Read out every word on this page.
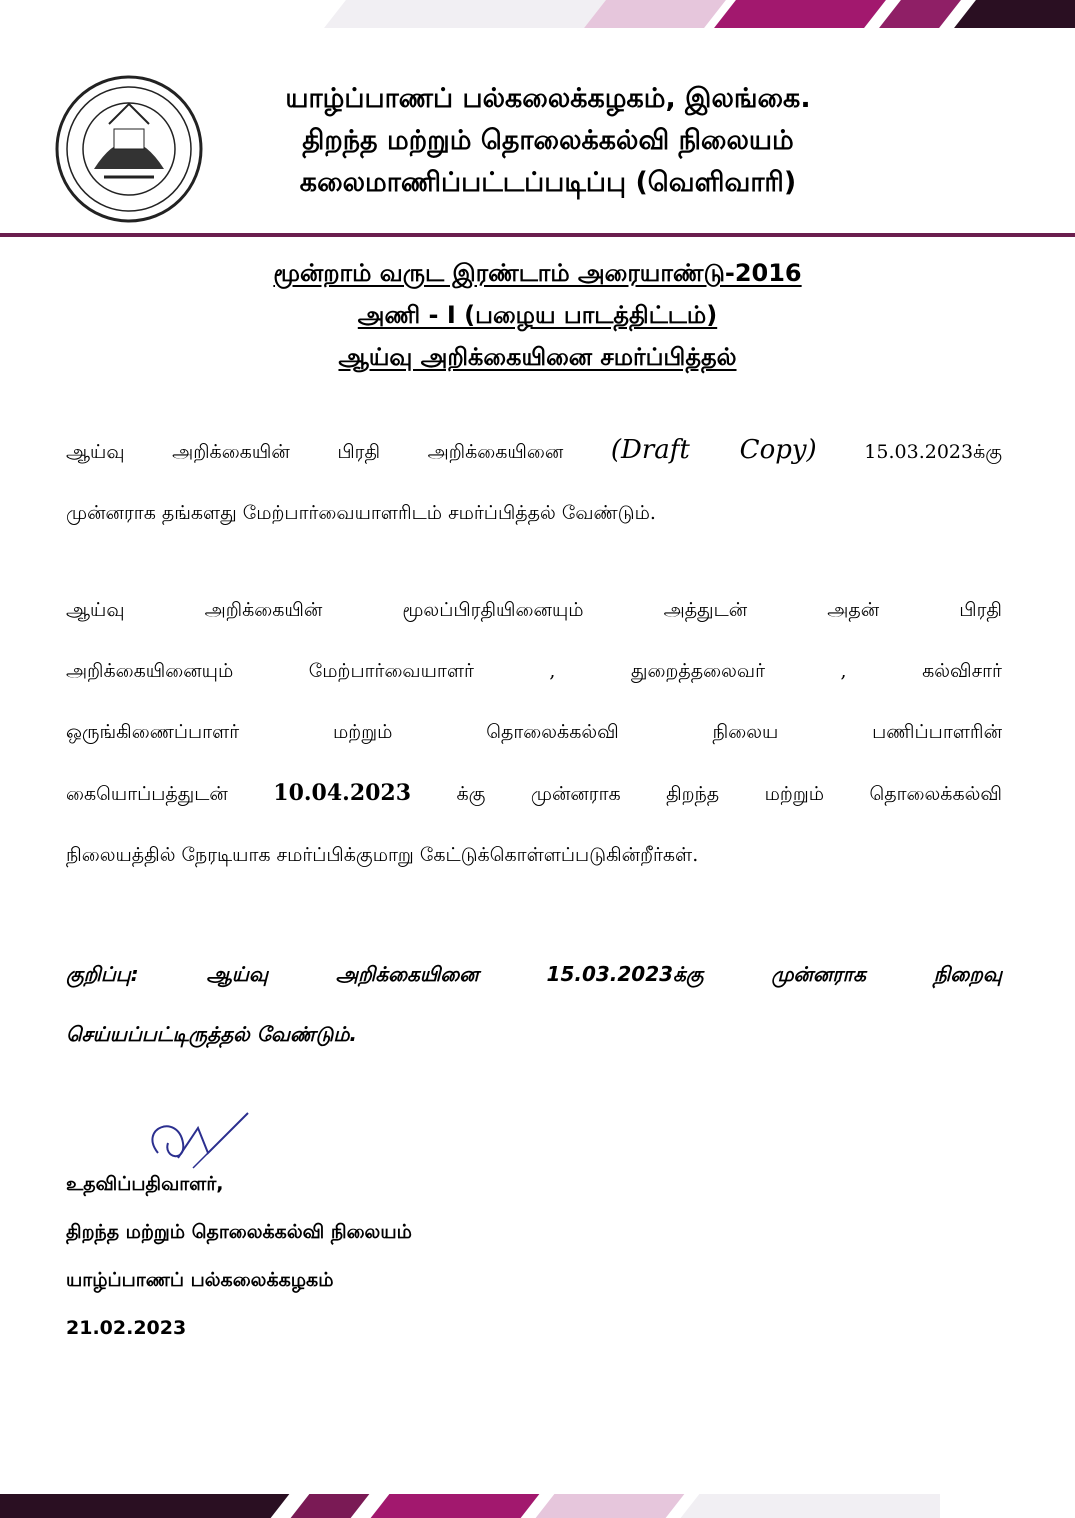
யாழ்ப்பாணப் பல்கலைக்கழகம், இலங்கை.
திறந்த மற்றும் தொலைக்கல்வி நிலையம்
கலைமாணிப்பட்டப்படிப்பு (வெளிவாரி)
மூன்றாம் வருட இரண்டாம் அரையாண்டு-2016
அணி - I (பழைய பாடத்திட்டம்)
ஆய்வு அறிக்கையினை சமர்ப்பித்தல்
ஆய்வு அறிக்கையின் பிரதி அறிக்கையினை (Draft Copy)	15.03.2023க்கு
முன்னராக தங்களது மேற்பார்வையாளரிடம் சமர்ப்பித்தல் வேண்டும்.
ஆய்வு அறிக்கையின் மூலப்பிரதியினையும் அத்துடன் அதன் பிரதி
அறிக்கையினையும் மேற்பார்வையாளர் , துறைத்தலைவர் , கல்விசார்
ஒருங்கிணைப்பாளர் மற்றும் தொலைக்கல்வி நிலைய பணிப்பாளரின்
கையொப்பத்துடன் 10.04.2023 க்கு முன்னராக திறந்த மற்றும் தொலைக்கல்வி
நிலையத்தில் நேரடியாக சமர்ப்பிக்குமாறு கேட்டுக்கொள்ளப்படுகின்றீர்கள்.
குறிப்பு: ஆய்வு அறிக்கையினை 15.03.2023க்கு முன்னராக நிறைவு
செய்யப்பட்டிருத்தல் வேண்டும்.
உதவிப்பதிவாளர்,
திறந்த மற்றும் தொலைக்கல்வி நிலையம்
யாழ்ப்பாணப் பல்கலைக்கழகம்
21.02.2023
